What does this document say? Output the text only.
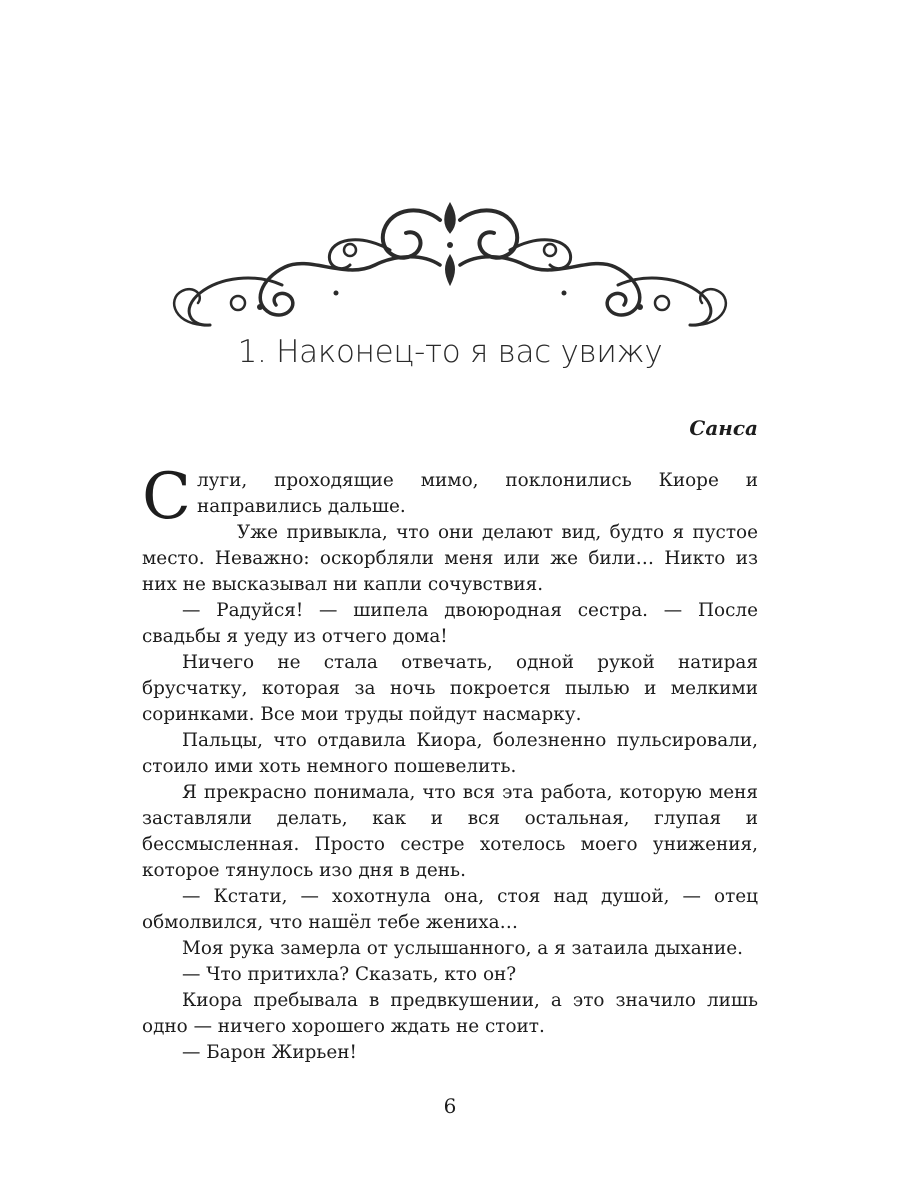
1. Наконец-то я вас увижу
Санса

Слуги, проходящие мимо, поклонились Киоре и направились дальше.

Уже привыкла, что они делают вид, будто я пустое место. Неважно: оскорбляли меня или же били… Никто из них не высказывал ни капли сочувствия.

— Радуйся! — шипела двоюродная сестра. — После свадьбы я уеду из отчего дома!

Ничего не стала отвечать, одной рукой натирая брусчатку, которая за ночь покроется пылью и мелкими соринками. Все мои труды пойдут насмарку.

Пальцы, что отдавила Киора, болезненно пульсировали, стоило ими хоть немного пошевелить.

Я прекрасно понимала, что вся эта работа, которую меня заставляли делать, как и вся остальная, глупая и бессмысленная. Просто сестре хотелось моего унижения, которое тянулось изо дня в день.

— Кстати, — хохотнула она, стоя над душой, — отец обмолвился, что нашёл тебе жениха…

Моя рука замерла от услышанного, а я затаила дыхание.

— Что притихла? Сказать, кто он?

Киора пребывала в предвкушении, а это значило лишь одно — ничего хорошего ждать не стоит.

— Барон Жирьен!

6
